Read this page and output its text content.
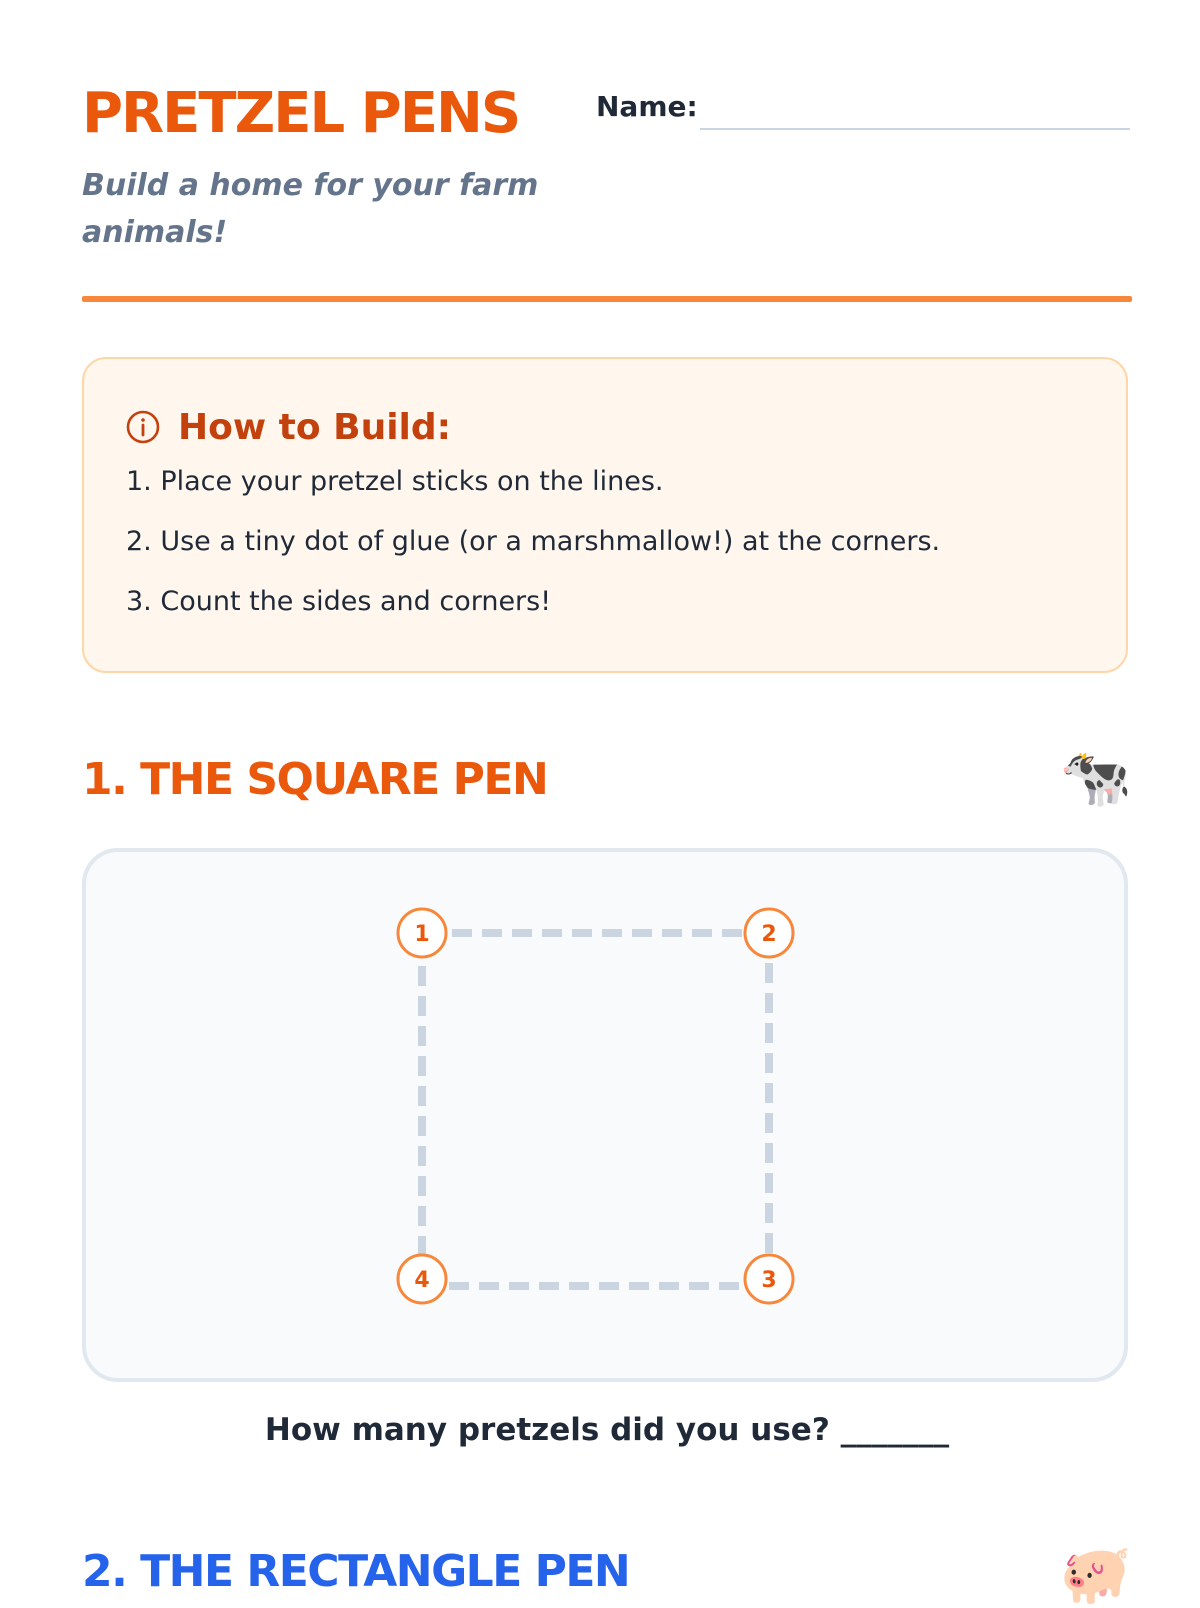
PRETZEL PENS

Build a home for your farm animals!

Name:
How to Build:
1. Place your pretzel sticks on the lines.
2. Use a tiny dot of glue (or a marshmallow!) at the corners.
3. Count the sides and corners!
1. THE SQUARE PEN	🐄
1	2
3
4
How many pretzels did you use? _______
2. THE RECTANGLE PEN	🐖
